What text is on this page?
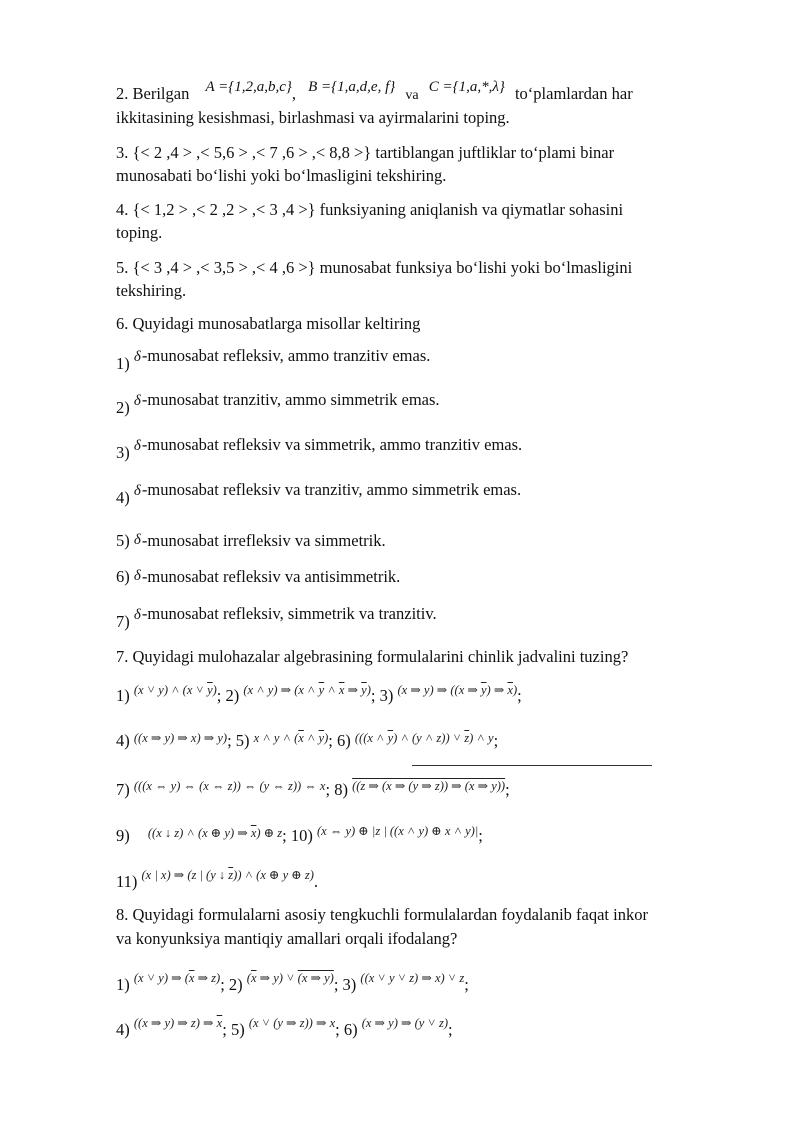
2. Berilgan A ={1,2,a,b,c}, B ={1,a,d,e, f} va C ={1,a,*,λ} to‘plamlardan har
ikkitasining kesishmasi, birlashmasi va ayirmalarini toping.
3. {< 2 ,4 > ,< 5,6 > ,< 7 ,6 > ,< 8,8 >} tartiblangan juftliklar to‘plami binar
munosabati bo‘lishi yoki bo‘lmasligini tekshiring.
4. {< 1,2 > ,< 2 ,2 > ,< 3 ,4 >} funksiyaning aniqlanish va qiymatlar sohasini
toping.
5. {< 3 ,4 > ,< 3,5 > ,< 4 ,6 >} munosabat funksiya bo‘lishi yoki bo‘lmasligini
tekshiring.
6. Quyidagi munosabatlarga misollar keltiring
1) δ-munosabat refleksiv, ammo tranzitiv emas.
2) δ-munosabat tranzitiv, ammo simmetrik emas.
3) δ-munosabat refleksiv va simmetrik, ammo tranzitiv emas.
4) δ-munosabat refleksiv va tranzitiv, ammo simmetrik emas.
5) δ-munosabat irrefleksiv va simmetrik.
6) δ-munosabat refleksiv va antisimmetrik.
7) δ-munosabat refleksiv, simmetrik va tranzitiv.
7. Quyidagi mulohazalar algebrasining formulalarini chinlik jadvalini tuzing?
1) $^{(x ˅ y) ˄ (x ˅ \overline{y})}$; 2) $^{(x ˄ y) \Rightarrow (x ˄ \overline{y} ˄ \overline{x} \Rightarrow \overline{y})}$; 3) $^{(x \Rightarrow y) \Rightarrow ((x \Rightarrow \overline{y}) \Rightarrow \overline{x})}$;
4) $^{((x \Rightarrow y) \Rightarrow x) \Rightarrow y)}$; 5) $^{x ˄ y ˄ (\overline{x} ˄ \overline{y})}$; 6) $^{(((x ˄ \overline{y}) ˄ (y ˄ z)) ˅ \overline{z}) ˄ y}$;
7) $^{(((x \Leftrightarrow y) \Leftrightarrow (x \Leftrightarrow z)) \Leftrightarrow (y \Leftrightarrow z)) \Leftrightarrow x}$; 8) $^{((z \Rightarrow (x \Rightarrow (y \Rightarrow z)) \Rightarrow (x \Rightarrow y))}$;
9) $^{((x ↓ z) ˄ (x \oplus y) \Rightarrow \overline{x}) \oplus z}$; 10) $^{(x \Leftrightarrow y) \oplus |z | ((x ˄ y) \oplus x ˄ y)|}$;
11) $^{(x | x) \Rightarrow (z | (y ↓ \overline{z})) ˄ (x \oplus y \oplus z)}$.
8. Quyidagi formulalarni asosiy tengkuchli formulalardan foydalanib faqat inkor
va konyunksiya mantiqiy amallari orqali ifodalang?
1) $^{(x ˅ y) \Rightarrow (\overline{x} \Rightarrow z)}$; 2) $^{(\overline{x} \Rightarrow y) ˅ (x \Rightarrow y)}$; 3) $^{((x ˅ y ˅ z) \Rightarrow x) ˅ z}$;
4) $^{((x \Rightarrow y) \Rightarrow z) \Rightarrow \overline{x}}$; 5) $^{(x ˅ (y \Rightarrow z)) \Rightarrow x}$; 6) $^{(x \Rightarrow y) \Rightarrow (y ˅ z)}$;
